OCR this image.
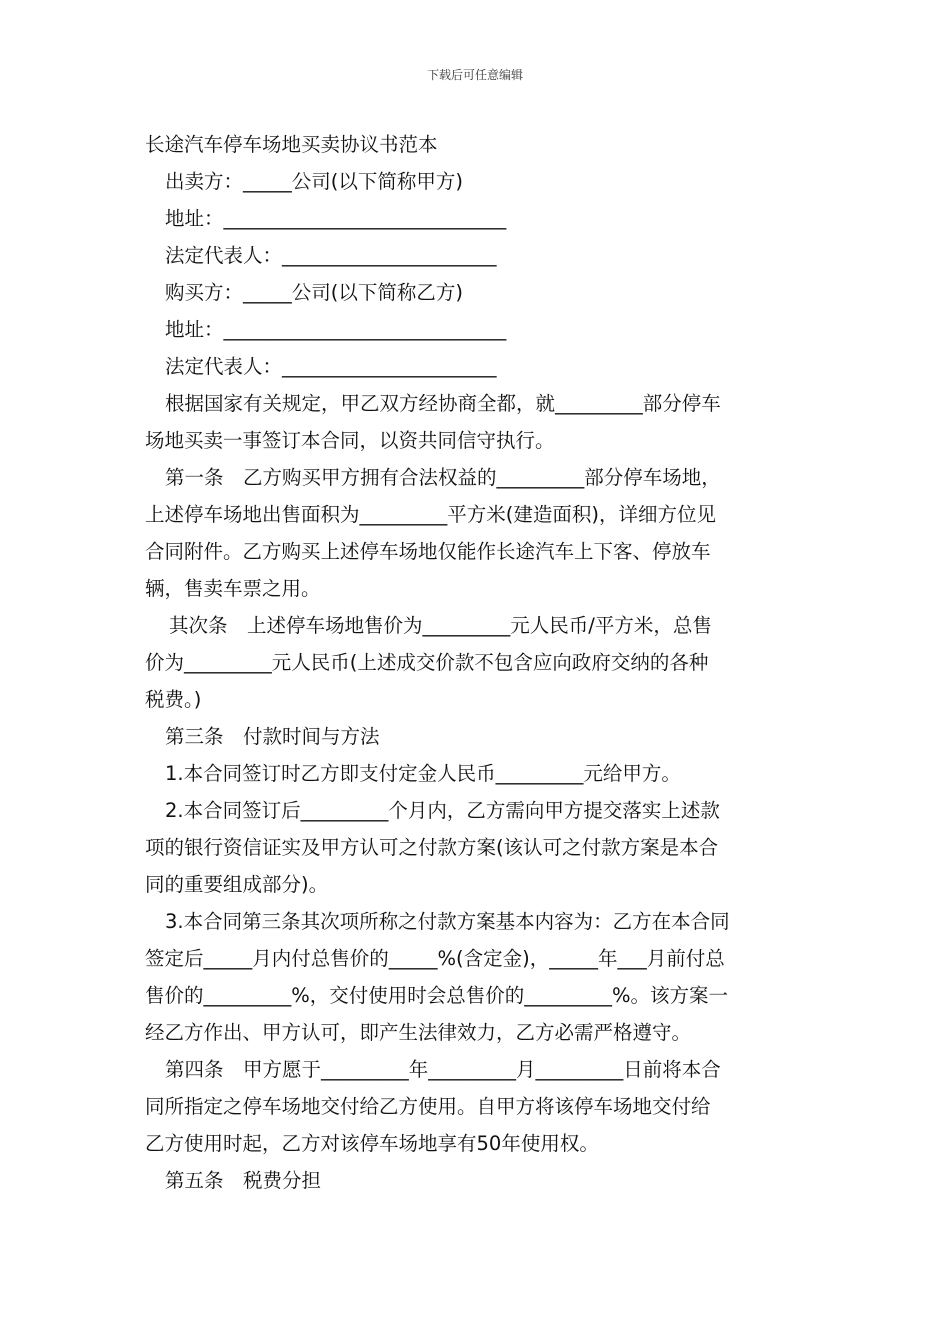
下载后可任意编辑

长途汽车停车场地买卖协议书范本

出卖方：_____公司(以下简称甲方)

地址：_____________________________

法定代表人：______________________

购买方：_____公司(以下简称乙方)

地址：_____________________________

法定代表人：______________________

根据国家有关规定，甲乙双方经协商全都，就_________部分停车

场地买卖一事签订本合同，以资共同信守执行。

第一条　乙方购买甲方拥有合法权益的_________部分停车场地，

上述停车场地出售面积为_________平方米(建造面积)，详细方位见

合同附件。乙方购买上述停车场地仅能作长途汽车上下客、停放车

辆，售卖车票之用。

其次条　上述停车场地售价为_________元人民币/平方米，总售

价为_________元人民币(上述成交价款不包含应向政府交纳的各种

税费。)

第三条　付款时间与方法

1.本合同签订时乙方即支付定金人民币_________元给甲方。

2.本合同签订后_________个月内，乙方需向甲方提交落实上述款

项的银行资信证实及甲方认可之付款方案(该认可之付款方案是本合

同的重要组成部分)。

3.本合同第三条其次项所称之付款方案基本内容为：乙方在本合同

签定后_____月内付总售价的_____%(含定金)，_____年___月前付总

售价的_________%，交付使用时会总售价的_________%。该方案一

经乙方作出、甲方认可，即产生法律效力，乙方必需严格遵守。

第四条　甲方愿于_________年_________月_________日前将本合

同所指定之停车场地交付给乙方使用。自甲方将该停车场地交付给

乙方使用时起，乙方对该停车场地享有50年使用权。

第五条　税费分担
